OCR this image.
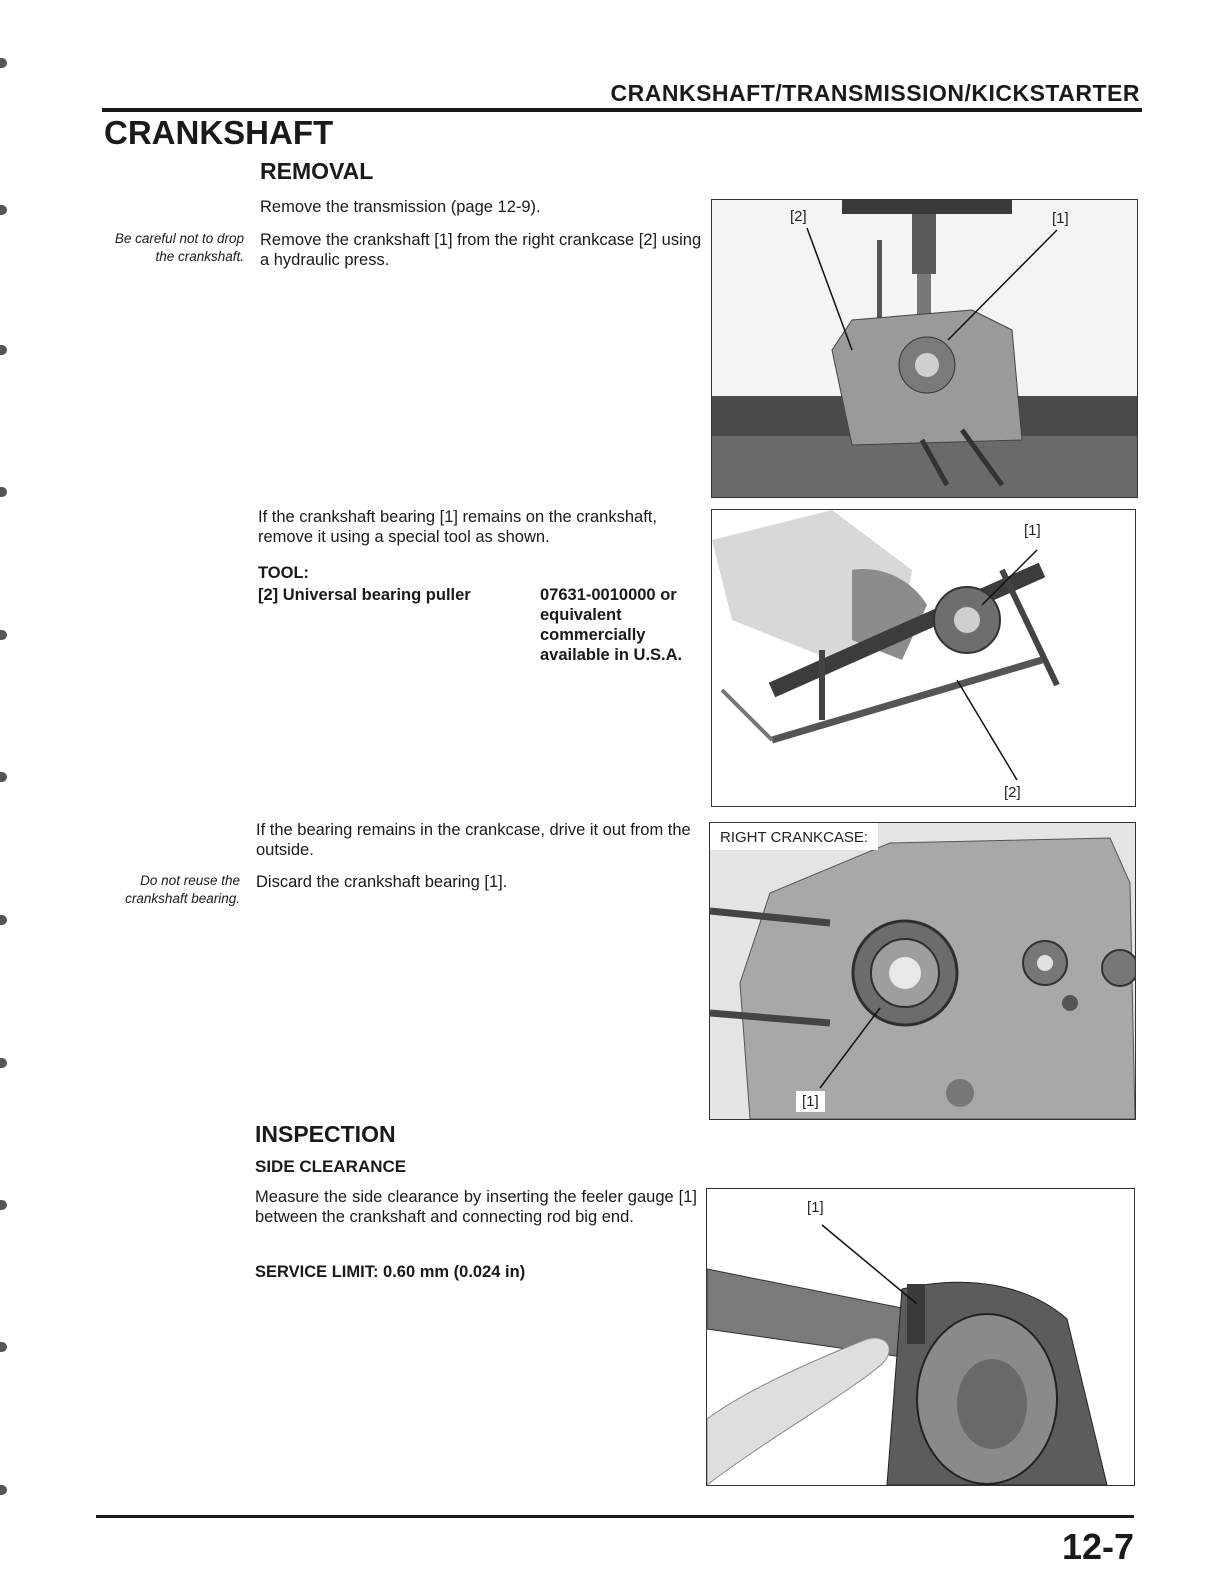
CRANKSHAFT/TRANSMISSION/KICKSTARTER
CRANKSHAFT
REMOVAL
Remove the transmission (page 12-9).
Be careful not to drop the crankshaft.
Remove the crankshaft [1] from the right crankcase [2] using a hydraulic press.
If the crankshaft bearing [1] remains on the crankshaft, remove it using a special tool as shown.
TOOL:
[2] Universal bearing puller	07631-0010000 or equivalent commercially available in U.S.A.
If the bearing remains in the crankcase, drive it out from the outside.
Do not reuse the crankshaft bearing.
Discard the crankshaft bearing [1].
INSPECTION
SIDE CLEARANCE
Measure the side clearance by inserting the feeler gauge [1] between the crankshaft and connecting rod big end.
SERVICE LIMIT: 0.60 mm (0.024 in)
[2]	[1]
[1]
[2]
RIGHT CRANKCASE:
[1]
[1]
12-7
